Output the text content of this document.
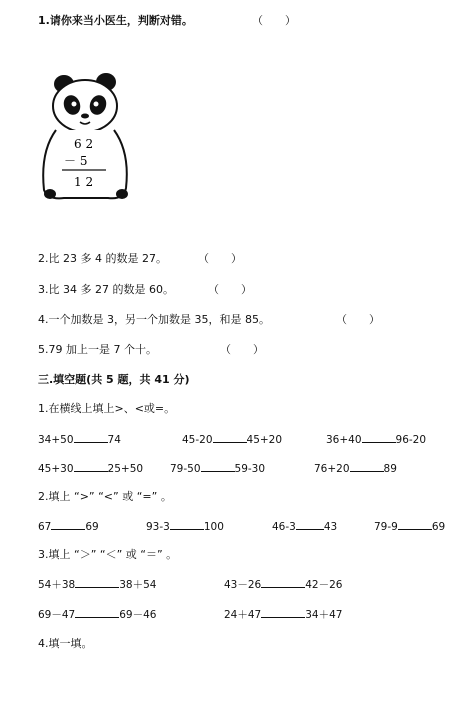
1.请你来当小医生，判断对错。	（　　）
6 2
－ 5
1 2
2.比 23 多 4 的数是 27。	（　　）
3.比 34 多 27 的数是 60。	（　　）
4.一个加数是 3，另一个加数是 35，和是 85。	（　　）
5.79 加上一是 7 个十。	（　　）
三.填空题(共 5 题，共 41 分)
1.在横线上填上>、<或=。
34+50	74	45-20	45+20	36+40	96-20
45+30	25+50	79-50	59-30	76+20	89
2.填上 “>” “<” 或 “=” 。
67	69	93-3	100	46-3	43	79-9	69
3.填上 “＞” “＜” 或 “＝” 。
54＋38	38＋54	43－26	42－26
69－47	69－46	24＋47	34＋47
4.填一填。
